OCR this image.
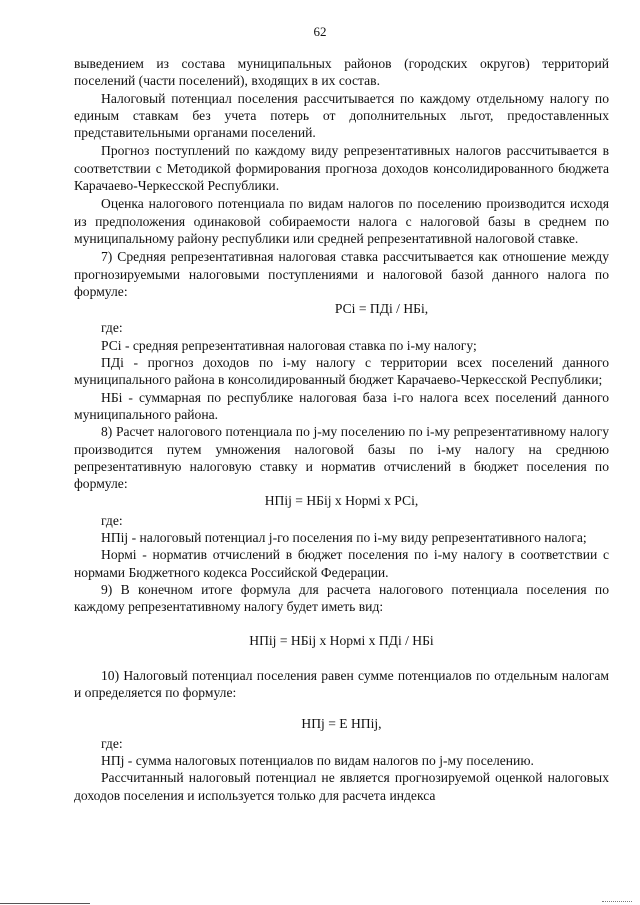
62

выведением из состава муниципальных районов (городских округов) территорий поселений (части поселений), входящих в их состав.

Налоговый потенциал поселения рассчитывается по каждому отдельному налогу по единым ставкам без учета потерь от дополнительных льгот, предоставленных представительными органами поселений.

Прогноз поступлений по каждому виду репрезентативных налогов рассчитывается в соответствии с Методикой формирования прогноза доходов консолидированного бюджета Карачаево-Черкесской Республики.

Оценка налогового потенциала по видам налогов по поселению производится исходя из предположения одинаковой собираемости налога с налоговой базы в среднем по муниципальному району республики или средней репрезентативной налоговой ставке.

7) Средняя репрезентативная налоговая ставка рассчитывается как отношение между прогнозируемыми налоговыми поступлениями и налоговой базой данного налога по формуле:

РСi = ПДi / НБi,

где:

РСi - средняя репрезентативная налоговая ставка по i-му налогу;

ПДi - прогноз доходов по i-му налогу с территории всех поселений данного муниципального района в консолидированный бюджет Карачаево-Черкесской Республики;

НБi - суммарная по республике налоговая база i-го налога всех поселений данного муниципального района.

8) Расчет налогового потенциала по j-му поселению по i-му репрезентативному налогу производится путем умножения налоговой базы по i-му налогу на среднюю репрезентативную налоговую ставку и норматив отчислений в бюджет поселения по формуле:

НПij = НБij х Нормi х РСi,

где:

НПij - налоговый потенциал j-го поселения по i-му виду репрезентативного налога;

Нормi - норматив отчислений в бюджет поселения по i-му налогу в соответствии с нормами Бюджетного кодекса Российской Федерации.

9) В конечном итоге формула для расчета налогового потенциала поселения по каждому репрезентативному налогу будет иметь вид:

НПij = НБij х Нормi х ПДi / НБi

10) Налоговый потенциал поселения равен сумме потенциалов по отдельным налогам и определяется по формуле:

НПj = Е НПij,

где:

НПj - сумма налоговых потенциалов по видам налогов по j-му поселению.

Рассчитанный налоговый потенциал не является прогнозируемой оценкой налоговых доходов поселения и используется только для расчета индекса
